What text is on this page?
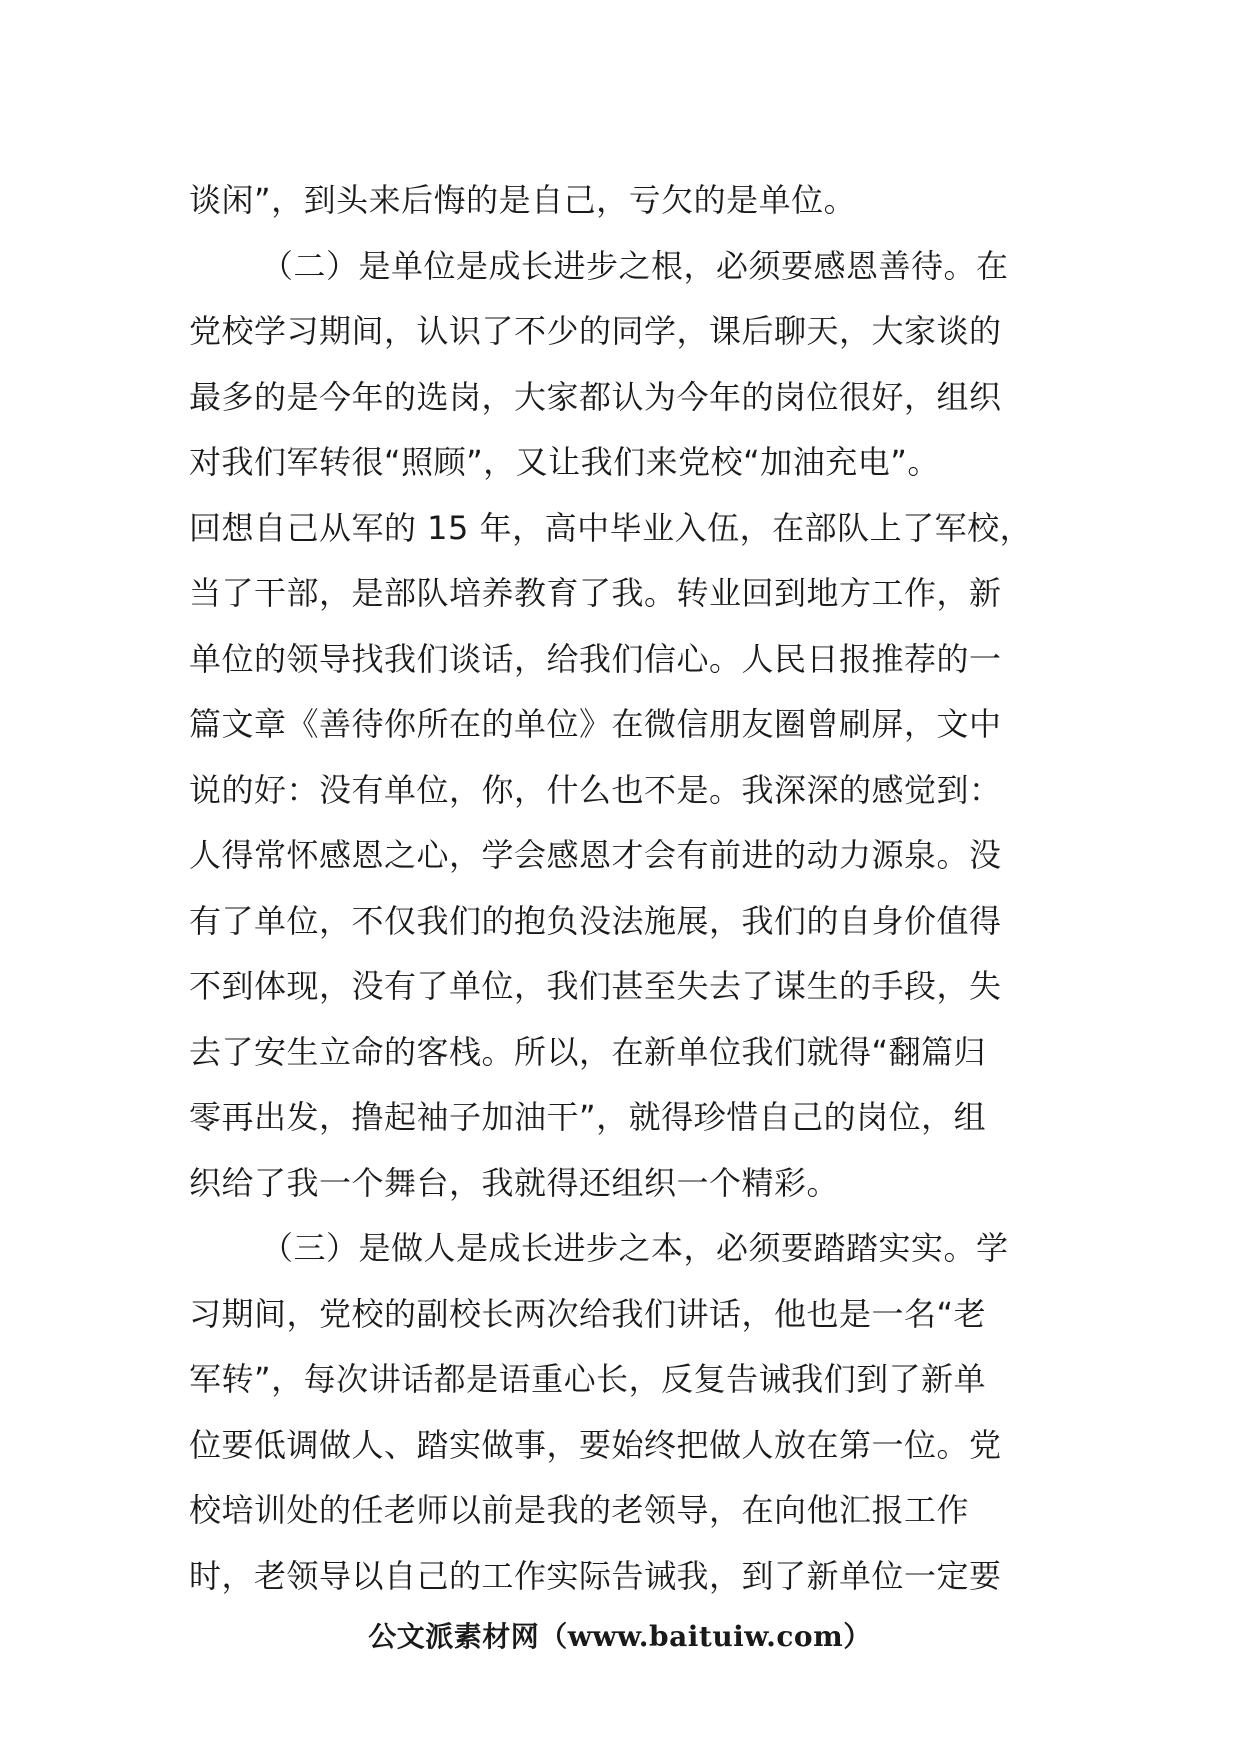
谈闲”，到头来后悔的是自己，亏欠的是单位。
（二）是单位是成长进步之根，必须要感恩善待。在
党校学习期间，认识了不少的同学，课后聊天，大家谈的
最多的是今年的选岗，大家都认为今年的岗位很好，组织
对我们军转很“照顾”，又让我们来党校“加油充电”。
回想自己从军的 15 年，高中毕业入伍，在部队上了军校，
当了干部，是部队培养教育了我。转业回到地方工作，新
单位的领导找我们谈话，给我们信心。人民日报推荐的一
篇文章《善待你所在的单位》在微信朋友圈曾刷屏，文中
说的好：没有单位，你，什么也不是。我深深的感觉到：
人得常怀感恩之心，学会感恩才会有前进的动力源泉。没
有了单位，不仅我们的抱负没法施展，我们的自身价值得
不到体现，没有了单位，我们甚至失去了谋生的手段，失
去了安生立命的客栈。所以，在新单位我们就得“翻篇归
零再出发，撸起袖子加油干”，就得珍惜自己的岗位，组
织给了我一个舞台，我就得还组织一个精彩。
（三）是做人是成长进步之本，必须要踏踏实实。学
习期间，党校的副校长两次给我们讲话，他也是一名“老
军转”，每次讲话都是语重心长，反复告诫我们到了新单
位要低调做人、踏实做事，要始终把做人放在第一位。党
校培训处的任老师以前是我的老领导，在向他汇报工作
时，老领导以自己的工作实际告诫我，到了新单位一定要
公文派素材网（www.baituiw.com）
